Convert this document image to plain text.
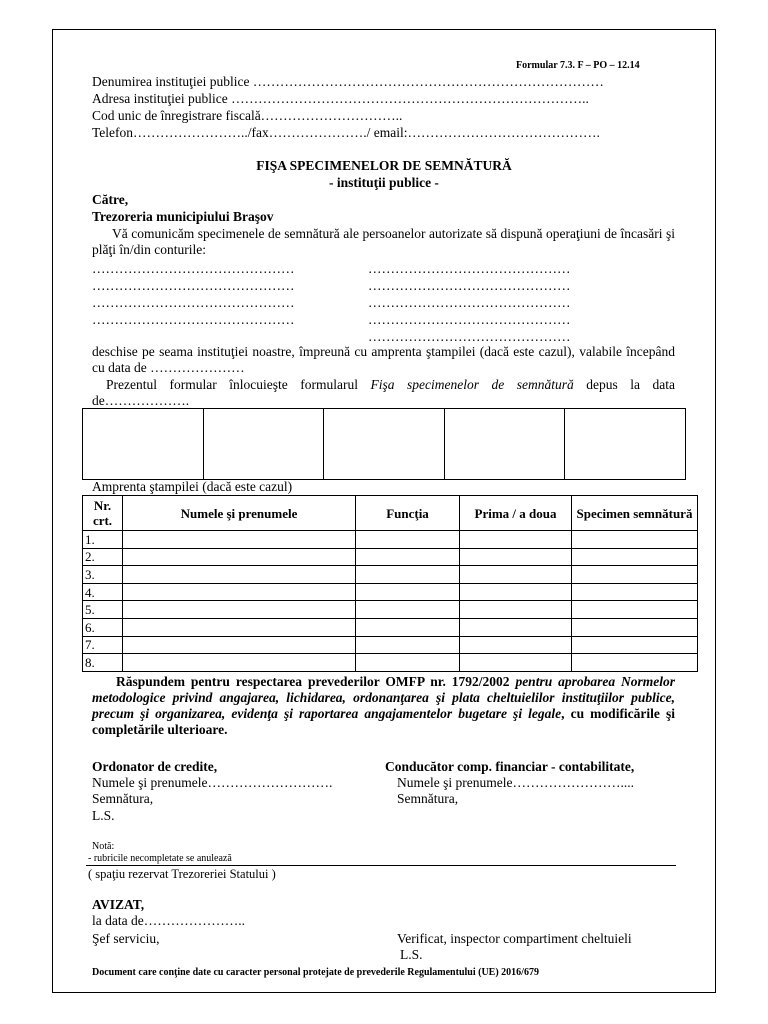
Formular 7.3. F – PO – 12.14
Denumirea instituţiei publice ……………………………………………………………………
Adresa instituţiei publice ……………………………………………………………………..
Cod unic de înregistrare fiscală…………………………..
Telefon……………………../fax…………………./ email:…………………………………….
FIŞA SPECIMENELOR DE SEMNĂTURĂ
- instituţii publice -
Către,
Trezoreria municipiului Braşov
Vă comunicăm specimenele de semnătură ale persoanelor autorizate să dispună operaţiuni de încasări şi plăţi în/din conturile:
………………………………………	………………………………………
………………………………………	………………………………………
………………………………………	………………………………………
………………………………………	………………………………………
………………………………………
deschise pe seama instituţiei noastre, împreună cu amprenta ştampilei (dacă este cazul), valabile începând cu data de …………………
Prezentul formular înlocuieşte formularul Fişa specimenelor de semnătură depus la data de……………….

Amprenta ştampilei (dacă este cazul)
Nr. crt.	Numele şi prenumele	Funcţia	Prima / a doua	Specimen semnătură
1.				
2.				
3.				
4.				
5.				
6.				
7.				
8.				
Răspundem pentru respectarea prevederilor OMFP nr. 1792/2002 pentru aprobarea Normelor metodologice privind angajarea, lichidarea, ordonanţarea şi plata cheltuielilor instituţiilor publice, precum şi organizarea, evidenţa şi raportarea angajamentelor bugetare şi legale, cu modificările şi completările ulterioare.
Ordonator de credite,
Numele şi prenumele……………………….
Semnătura,
L.S.
Conducător comp. financiar - contabilitate,
Numele şi prenumele……………………....
Semnătura,
Notă:
- rubricile necompletate se anulează
( spaţiu rezervat Trezoreriei Statului )
AVIZAT,
la data de…………………..
Şef serviciu,	Verificat, inspector compartiment cheltuieli
L.S.
Document care conţine date cu caracter personal protejate de prevederile Regulamentului (UE) 2016/679
